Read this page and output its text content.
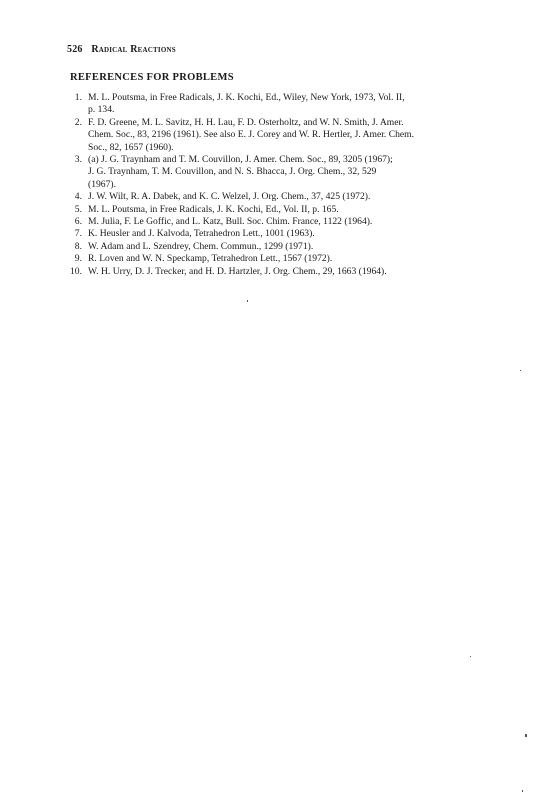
526 Radical Reactions
REFERENCES FOR PROBLEMS
1. M. L. Poutsma, in Free Radicals, J. K. Kochi, Ed., Wiley, New York, 1973, Vol. II,
p. 134.
2. F. D. Greene, M. L. Savitz, H. H. Lau, F. D. Osterholtz, and W. N. Smith, J. Amer.
Chem. Soc., 83, 2196 (1961). See also E. J. Corey and W. R. Hertler, J. Amer. Chem.
Soc., 82, 1657 (1960).
3. (a) J. G. Traynham and T. M. Couvillon, J. Amer. Chem. Soc., 89, 3205 (1967);
J. G. Traynham, T. M. Couvillon, and N. S. Bhacca, J. Org. Chem., 32, 529
(1967).
4. J. W. Wilt, R. A. Dabek, and K. C. Welzel, J. Org. Chem., 37, 425 (1972).
5. M. L. Poutsma, in Free Radicals, J. K. Kochi, Ed., Vol. II, p. 165.
6. M. Julia, F. Le Goffic, and L. Katz, Bull. Soc. Chim. France, 1122 (1964).
7. K. Heusler and J. Kalvoda, Tetrahedron Lett., 1001 (1963).
8. W. Adam and L. Szendrey, Chem. Commun., 1299 (1971).
9. R. Loven and W. N. Speckamp, Tetrahedron Lett., 1567 (1972).
10. W. H. Urry, D. J. Trecker, and H. D. Hartzler, J. Org. Chem., 29, 1663 (1964).
